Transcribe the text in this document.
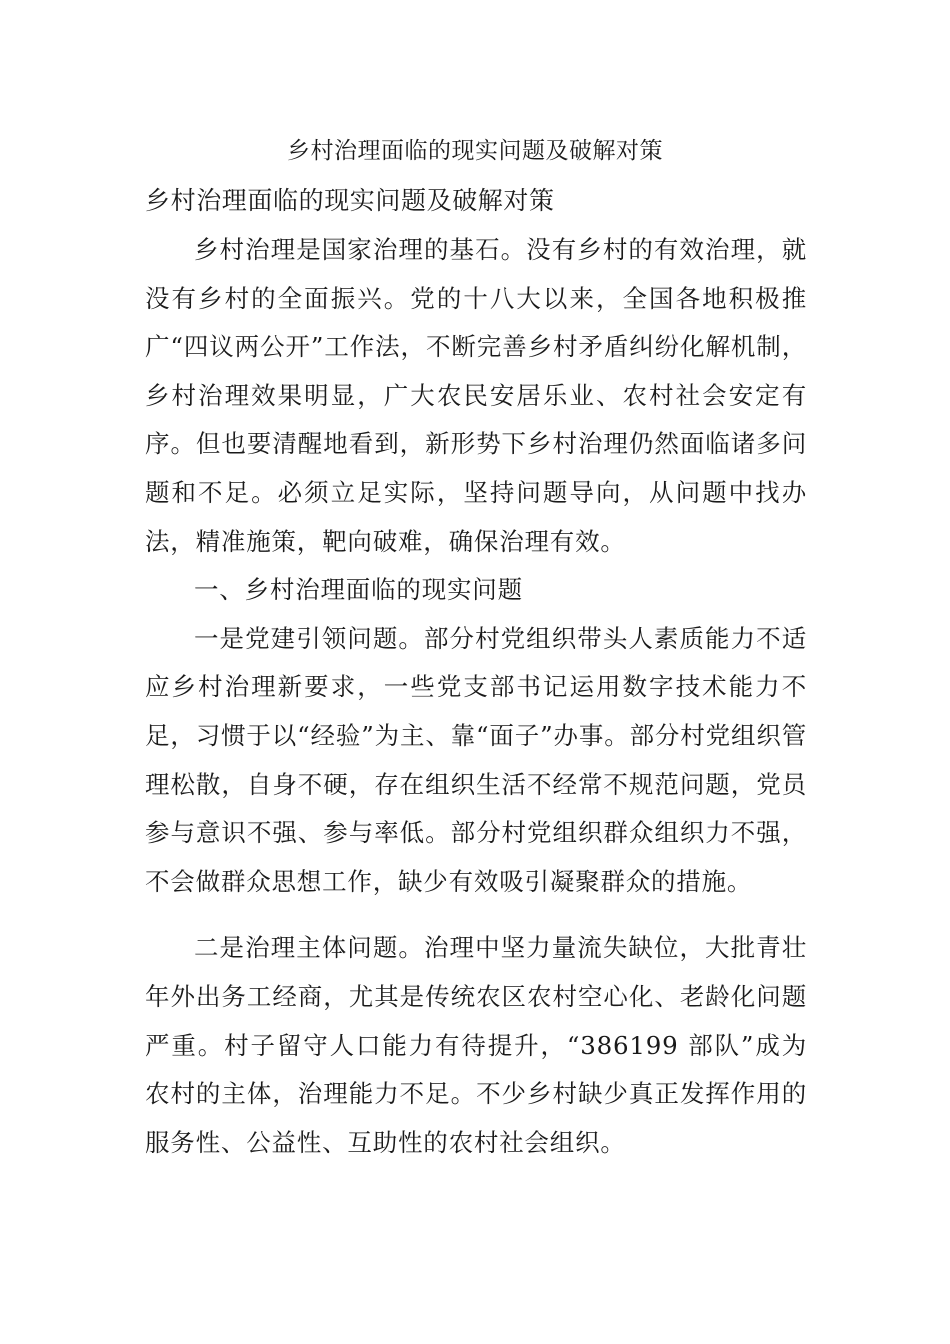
乡村治理面临的现实问题及破解对策
乡村治理面临的现实问题及破解对策

乡村治理是国家治理的基石。没有乡村的有效治理，就没有乡村的全面振兴。党的十八大以来，全国各地积极推广“四议两公开”工作法，不断完善乡村矛盾纠纷化解机制，乡村治理效果明显，广大农民安居乐业、农村社会安定有序。但也要清醒地看到，新形势下乡村治理仍然面临诸多问题和不足。必须立足实际，坚持问题导向，从问题中找办法，精准施策，靶向破难，确保治理有效。

一、乡村治理面临的现实问题

一是党建引领问题。部分村党组织带头人素质能力不适应乡村治理新要求，一些党支部书记运用数字技术能力不足，习惯于以“经验”为主、靠“面子”办事。部分村党组织管理松散，自身不硬，存在组织生活不经常不规范问题，党员参与意识不强、参与率低。部分村党组织群众组织力不强，不会做群众思想工作，缺少有效吸引凝聚群众的措施。

二是治理主体问题。治理中坚力量流失缺位，大批青壮年外出务工经商，尤其是传统农区农村空心化、老龄化问题严重。村子留守人口能力有待提升，“386199 部队”成为农村的主体，治理能力不足。不少乡村缺少真正发挥作用的服务性、公益性、互助性的农村社会组织。
